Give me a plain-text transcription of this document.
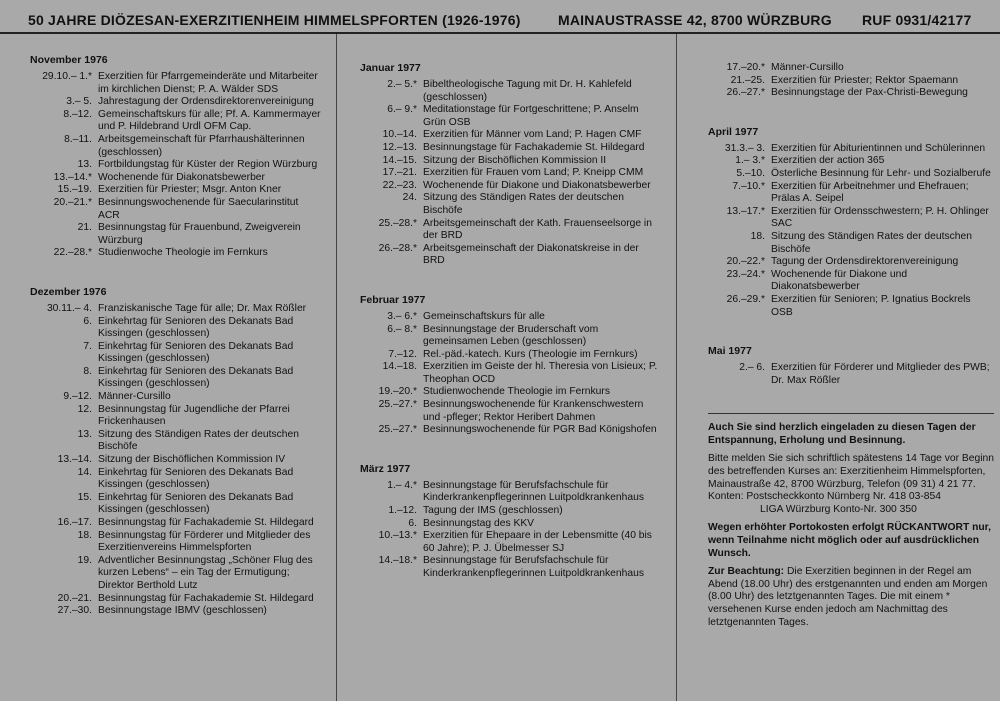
50 JAHRE DIÖZESAN-EXERZITIENHEIM HIMMELSPFORTEN (1926-1976)	MAINAUSTRASSE 42, 8700 WÜRZBURG RUF 0931/42177
November 1976
29.10.– 1.* Exerzitien für Pfarrgemeinderäte und Mitarbeiter im kirchlichen Dienst; P. A. Wälder SDS
3.– 5. Jahrestagung der Ordensdirektorenvereinigung
8.–12. Gemeinschaftskurs für alle; Pf. A. Kammermayer und P. Hildebrand Urdl OFM Cap.
8.–11. Arbeitsgemeinschaft für Pfarrhaushälterinnen (geschlossen)
13. Fortbildungstag für Küster der Region Würzburg
13.–14.* Wochenende für Diakonatsbewerber
15.–19. Exerzitien für Priester; Msgr. Anton Kner
20.–21.* Besinnungswochenende für Saecularinstitut ACR
21. Besinnungstag für Frauenbund, Zweigverein Würzburg
22.–28.* Studienwoche Theologie im Fernkurs
Dezember 1976
30.11.– 4. Franziskanische Tage für alle; Dr. Max Rößler
6. Einkehrtag für Senioren des Dekanats Bad Kissingen (geschlossen)
7. Einkehrtag für Senioren des Dekanats Bad Kissingen (geschlossen)
8. Einkehrtag für Senioren des Dekanats Bad Kissingen (geschlossen)
9.–12. Männer-Cursillo
12. Besinnungstag für Jugendliche der Pfarrei Frickenhausen
13. Sitzung des Ständigen Rates der deutschen Bischöfe
13.–14. Sitzung der Bischöflichen Kommission IV
14. Einkehrtag für Senioren des Dekanats Bad Kissingen (geschlossen)
15. Einkehrtag für Senioren des Dekanats Bad Kissingen (geschlossen)
16.–17. Besinnungstag für Fachakademie St. Hildegard
18. Besinnungstag für Förderer und Mitglieder des Exerzitienvereins Himmelspforten
19. Adventlicher Besinnungstag „Schöner Flug des kurzen Lebens“ – ein Tag der Ermutigung; Direktor Berthold Lutz
20.–21. Besinnungstag für Fachakademie St. Hildegard
27.–30. Besinnungstage IBMV (geschlossen)
Januar 1977
2.– 5.* Bibeltheologische Tagung mit Dr. H. Kahlefeld (geschlossen)
6.– 9.* Meditationstage für Fortgeschrittene; P. Anselm Grün OSB
10.–14. Exerzitien für Männer vom Land; P. Hagen CMF
12.–13. Besinnungstage für Fachakademie St. Hildegard
14.–15. Sitzung der Bischöflichen Kommission II
17.–21. Exerzitien für Frauen vom Land; P. Kneipp CMM
22.–23. Wochenende für Diakone und Diakonatsbewerber
24. Sitzung des Ständigen Rates der deutschen Bischöfe
25.–28.* Arbeitsgemeinschaft der Kath. Frauenseelsorge in der BRD
26.–28.* Arbeitsgemeinschaft der Diakonatskreise in der BRD
Februar 1977
3.– 6.* Gemeinschaftskurs für alle
6.– 8.* Besinnungstage der Bruderschaft vom gemeinsamen Leben (geschlossen)
7.–12. Rel.-päd.-katech. Kurs (Theologie im Fernkurs)
14.–18. Exerzitien im Geiste der hl. Theresia von Lisieux; P. Theophan OCD
19.–20.* Studienwochende Theologie im Fernkurs
25.–27.* Besinnungswochenende für Krankenschwestern und -pfleger; Rektor Heribert Dahmen
25.–27.* Besinnungswochenende für PGR Bad Königshofen
März 1977
1.– 4.* Besinnungstage für Berufsfachschule für Kinderkrankenpflegerinnen Luitpoldkrankenhaus
1.–12. Tagung der IMS (geschlossen)
6. Besinnungstag des KKV
10.–13.* Exerzitien für Ehepaare in der Lebensmitte (40 bis 60 Jahre); P. J. Übelmesser SJ
14.–18.* Besinnungstage für Berufsfachschule für Kinderkrankenpflegerinnen Luitpoldkrankenhaus
17.–20.* Männer-Cursillo
21.–25. Exerzitien für Priester; Rektor Spaemann
26.–27.* Besinnungstage der Pax-Christi-Bewegung
April 1977
31.3.– 3. Exerzitien für Abiturientinnen und Schülerinnen
1.– 3.* Exerzitien der action 365
5.–10. Österliche Besinnung für Lehr- und Sozialberufe
7.–10.* Exerzitien für Arbeitnehmer und Ehefrauen; Prälas A. Seipel
13.–17.* Exerzitien für Ordensschwestern; P. H. Ohlinger SAC
18. Sitzung des Ständigen Rates der deutschen Bischöfe
20.–22.* Tagung der Ordensdirektorenvereinigung
23.–24.* Wochenende für Diakone und Diakonatsbewerber
26.–29.* Exerzitien für Senioren; P. Ignatius Bockrels OSB
Mai 1977
2.– 6. Exerzitien für Förderer und Mitglieder des PWB; Dr. Max Rößler

Auch Sie sind herzlich eingeladen zu diesen Tagen der Entspannung, Erholung und Besinnung.

Bitte melden Sie sich schriftlich spätestens 14 Tage vor Beginn des betreffenden Kurses an: Exerzitienheim Himmelspforten, Mainaustraße 42, 8700 Würzburg, Telefon (09 31) 4 21 77.

Konten: Postscheckkonto Nürnberg Nr. 418 03-854

LIGA Würzburg Konto-Nr. 300 350

Wegen erhöhter Portokosten erfolgt RÜCKANTWORT nur, wenn Teilnahme nicht möglich oder auf ausdrücklichen Wunsch.

Zur Beachtung: Die Exerzitien beginnen in der Regel am Abend (18.00 Uhr) des erstgenannten und enden am Morgen (8.00 Uhr) des letztgenannten Tages. Die mit einem * versehenen Kurse enden jedoch am Nachmittag des letztgenannten Tages.
